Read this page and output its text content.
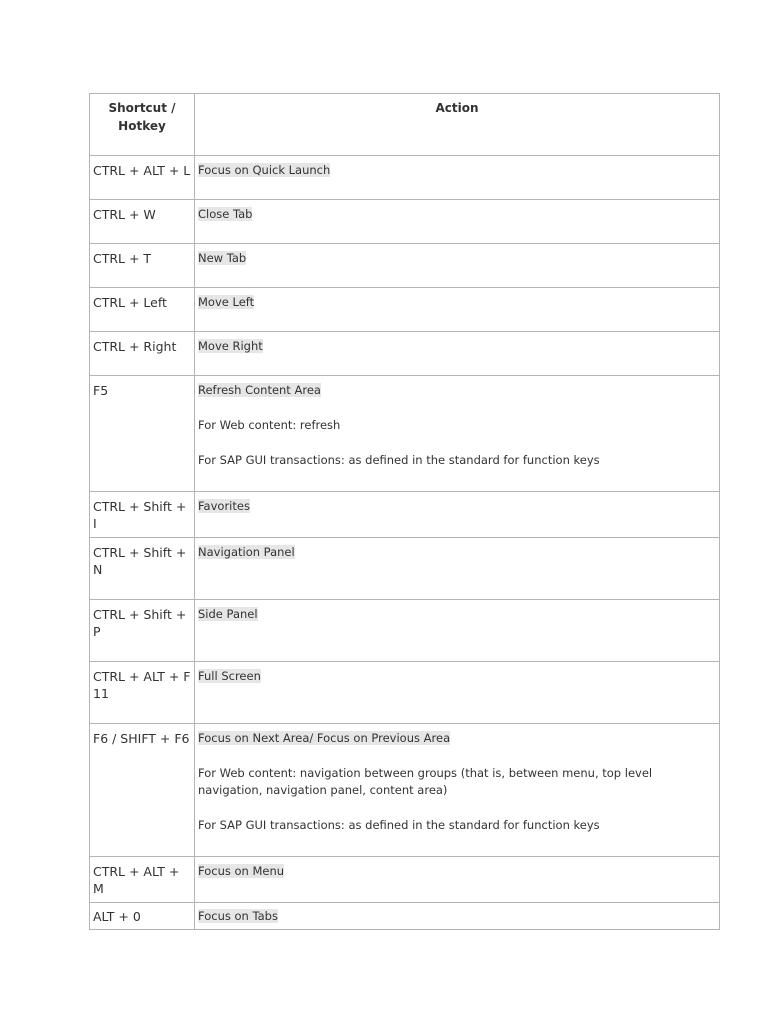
Shortcut / Hotkey	Action
CTRL + ALT + L	Focus on Quick Launch

CTRL + W	Close Tab

CTRL + T	New Tab

CTRL + Left	Move Left

CTRL + Right	Move Right

F5	Refresh Content Area
For Web content: refresh
For SAP GUI transactions: as defined in the standard for function keys

CTRL + Shift + I	Favorites

CTRL + Shift + N	Navigation Panel

CTRL + Shift + P	Side Panel

CTRL + ALT + F 11	Full Screen

F6 / SHIFT + F6	Focus on Next Area/ Focus on Previous Area
For Web content: navigation between groups (that is, between menu, top level navigation, navigation panel, content area)
For SAP GUI transactions: as defined in the standard for function keys

CTRL + ALT + M	Focus on Menu

ALT + 0	Focus on Tabs
